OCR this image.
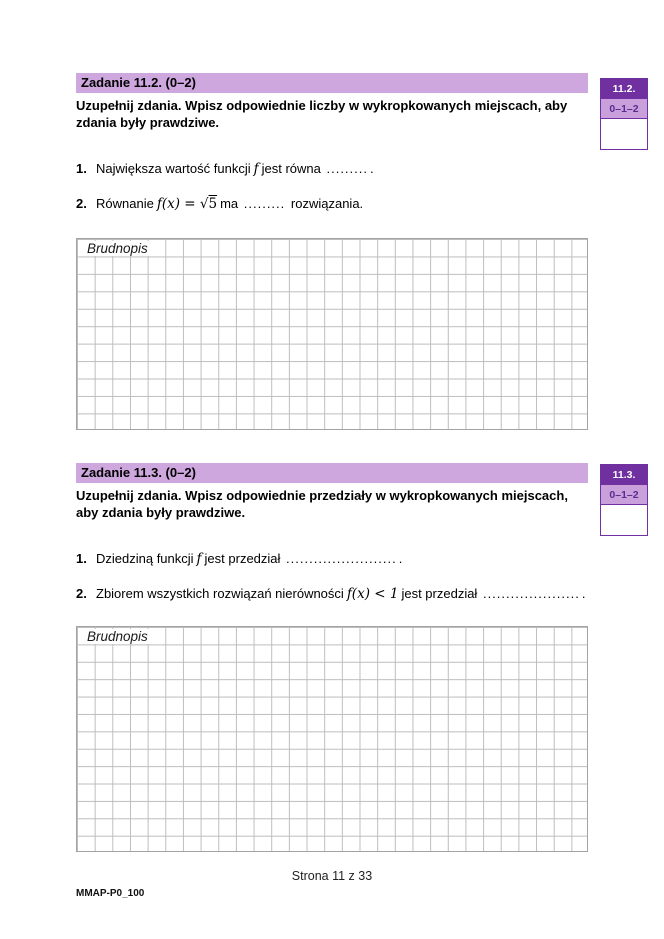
Zadanie 11.2. (0–2)	11.2.
0–1–2
Uzupełnij zdania. Wpisz odpowiednie liczby w wykropkowanych miejscach, aby zdania były prawdziwe.
1. Największa wartość funkcji f jest równa ......... .
2. Równanie f(x) = √5 ma ......... rozwiązania.
Brudnopis
Zadanie 11.3. (0–2)	11.3.
0–1–2
Uzupełnij zdania. Wpisz odpowiednie przedziały w wykropkowanych miejscach, aby zdania były prawdziwe.
1. Dziedziną funkcji f jest przedział ........................ .
2. Zbiorem wszystkich rozwiązań nierówności f(x) < 1 jest przedział ..................... .
Brudnopis
Strona 11 z 33
MMAP-P0_100
